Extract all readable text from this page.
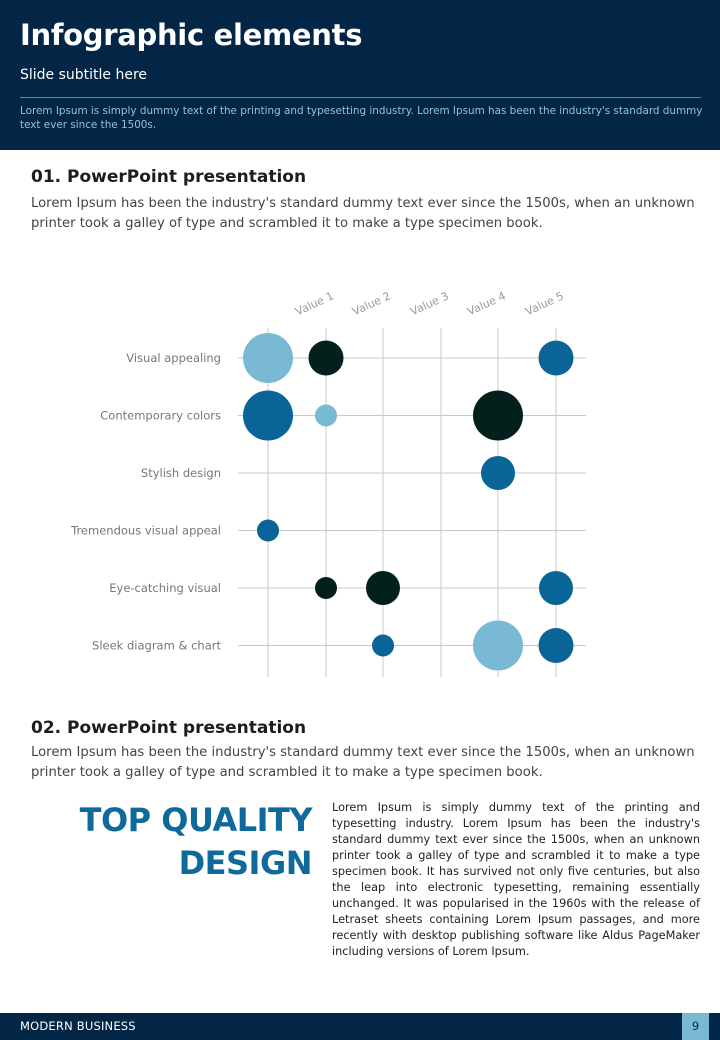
Infographic elements
Slide subtitle here
Lorem Ipsum is simply dummy text of the printing and typesetting industry. Lorem Ipsum has been the industry's standard dummy text ever since the 1500s.
01. PowerPoint presentation
Lorem Ipsum has been the industry's standard dummy text ever since the 1500s, when an unknown printer took a galley of type and scrambled it to make a type specimen book.
Value 1 Value 2 Value 3 Value 4 Value 5
Visual appealing
Contemporary colors
Stylish design
Tremendous visual appeal
Eye-catching visual
Sleek diagram & chart
02. PowerPoint presentation
Lorem Ipsum has been the industry's standard dummy text ever since the 1500s, when an unknown printer took a galley of type and scrambled it to make a type specimen book.
TOP QUALITY
DESIGN
Lorem Ipsum is simply dummy text of the printing and typesetting industry. Lorem Ipsum has been the industry's standard dummy text ever since the 1500s, when an unknown printer took a galley of type and scrambled it to make a type specimen book. It has survived not only five centuries, but also the leap into electronic typesetting, remaining essentially unchanged. It was popularised in the 1960s with the release of Letraset sheets containing Lorem Ipsum passages, and more recently with desktop publishing software like Aldus PageMaker including versions of Lorem Ipsum.
MODERN BUSINESS	9
